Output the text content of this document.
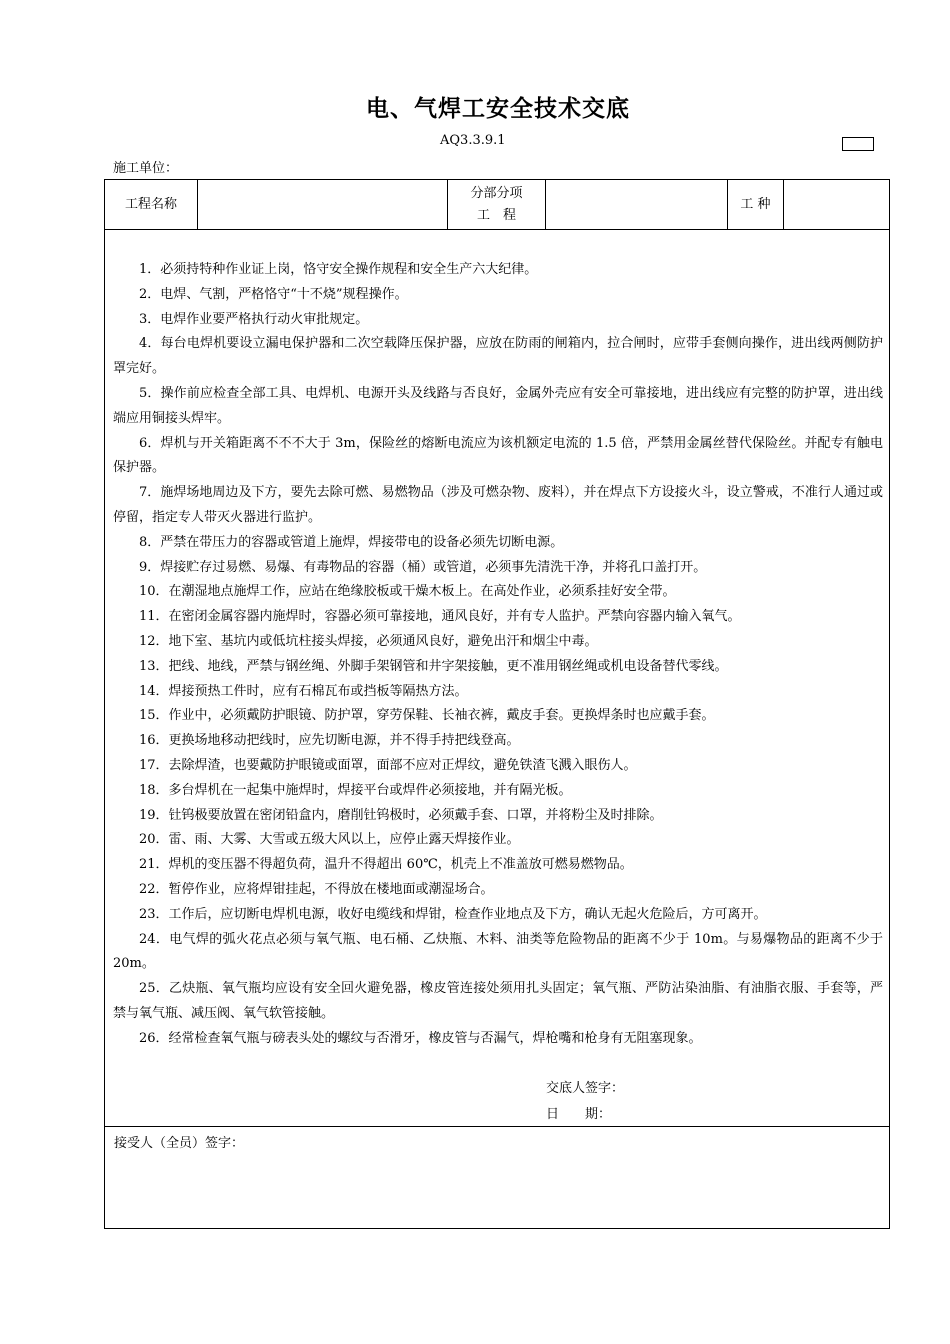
电、气焊工安全技术交底
AQ3.3.9.1
施工单位：
工程名称
分部分项
工　程
工 种

1．必须持特种作业证上岗，恪守安全操作规程和安全生产六大纪律。

2．电焊、气割，严格恪守“十不烧”规程操作。

3．电焊作业要严格执行动火审批规定。

4．每台电焊机要设立漏电保护器和二次空载降压保护器，应放在防雨的闸箱内，拉合闸时，应带手套侧向操作，进出线两侧防护罩完好。

5．操作前应检查全部工具、电焊机、电源开头及线路与否良好，金属外壳应有安全可靠接地，进出线应有完整的防护罩，进出线端应用铜接头焊牢。

6．焊机与开关箱距离不不不大于 3m，保险丝的熔断电流应为该机额定电流的 1.5 倍，严禁用金属丝替代保险丝。并配专有触电保护器。

7．施焊场地周边及下方，要先去除可燃、易燃物品（涉及可燃杂物、废料），并在焊点下方设接火斗，设立警戒，不准行人通过或停留，指定专人带灭火器进行监护。

8．严禁在带压力的容器或管道上施焊，焊接带电的设备必须先切断电源。

9．焊接贮存过易燃、易爆、有毒物品的容器（桶）或管道，必须事先清洗干净，并将孔口盖打开。

10．在潮湿地点施焊工作，应站在绝缘胶板或干燥木板上。在高处作业，必须系挂好安全带。

11．在密闭金属容器内施焊时，容器必须可靠接地，通风良好，并有专人监护。严禁向容器内输入氧气。

12．地下室、基坑内或低坑柱接头焊接，必须通风良好，避免出汗和烟尘中毒。

13．把线、地线，严禁与钢丝绳、外脚手架钢管和井字架接触，更不准用钢丝绳或机电设备替代零线。

14．焊接预热工件时，应有石棉瓦布或挡板等隔热方法。

15．作业中，必须戴防护眼镜、防护罩，穿劳保鞋、长袖衣裤，戴皮手套。更换焊条时也应戴手套。

16．更换场地移动把线时，应先切断电源，并不得手持把线登高。

17．去除焊渣，也要戴防护眼镜或面罩，面部不应对正焊纹，避免铁渣飞溅入眼伤人。

18．多台焊机在一起集中施焊时，焊接平台或焊件必须接地，并有隔光板。

19．钍钨极要放置在密闭铅盒内，磨削钍钨极时，必须戴手套、口罩，并将粉尘及时排除。

20．雷、雨、大雾、大雪或五级大风以上，应停止露天焊接作业。

21．焊机的变压器不得超负荷，温升不得超出 60℃，机壳上不准盖放可燃易燃物品。

22．暂停作业，应将焊钳挂起，不得放在楼地面或潮湿场合。

23．工作后，应切断电焊机电源，收好电缆线和焊钳，检查作业地点及下方，确认无起火危险后，方可离开。

24．电气焊的弧火花点必须与氧气瓶、电石桶、乙炔瓶、木料、油类等危险物品的距离不少于 10m。与易爆物品的距离不少于 20m。

25．乙炔瓶、氧气瓶均应设有安全回火避免器，橡皮管连接处须用扎头固定；氧气瓶、严防沾染油脂、有油脂衣服、手套等，严禁与氧气瓶、减压阀、氧气软管接触。

26．经常检查氧气瓶与磅表头处的螺纹与否滑牙，橡皮管与否漏气，焊枪嘴和枪身有无阻塞现象。

交底人签字：
日　　期：
接受人（全员）签字：
